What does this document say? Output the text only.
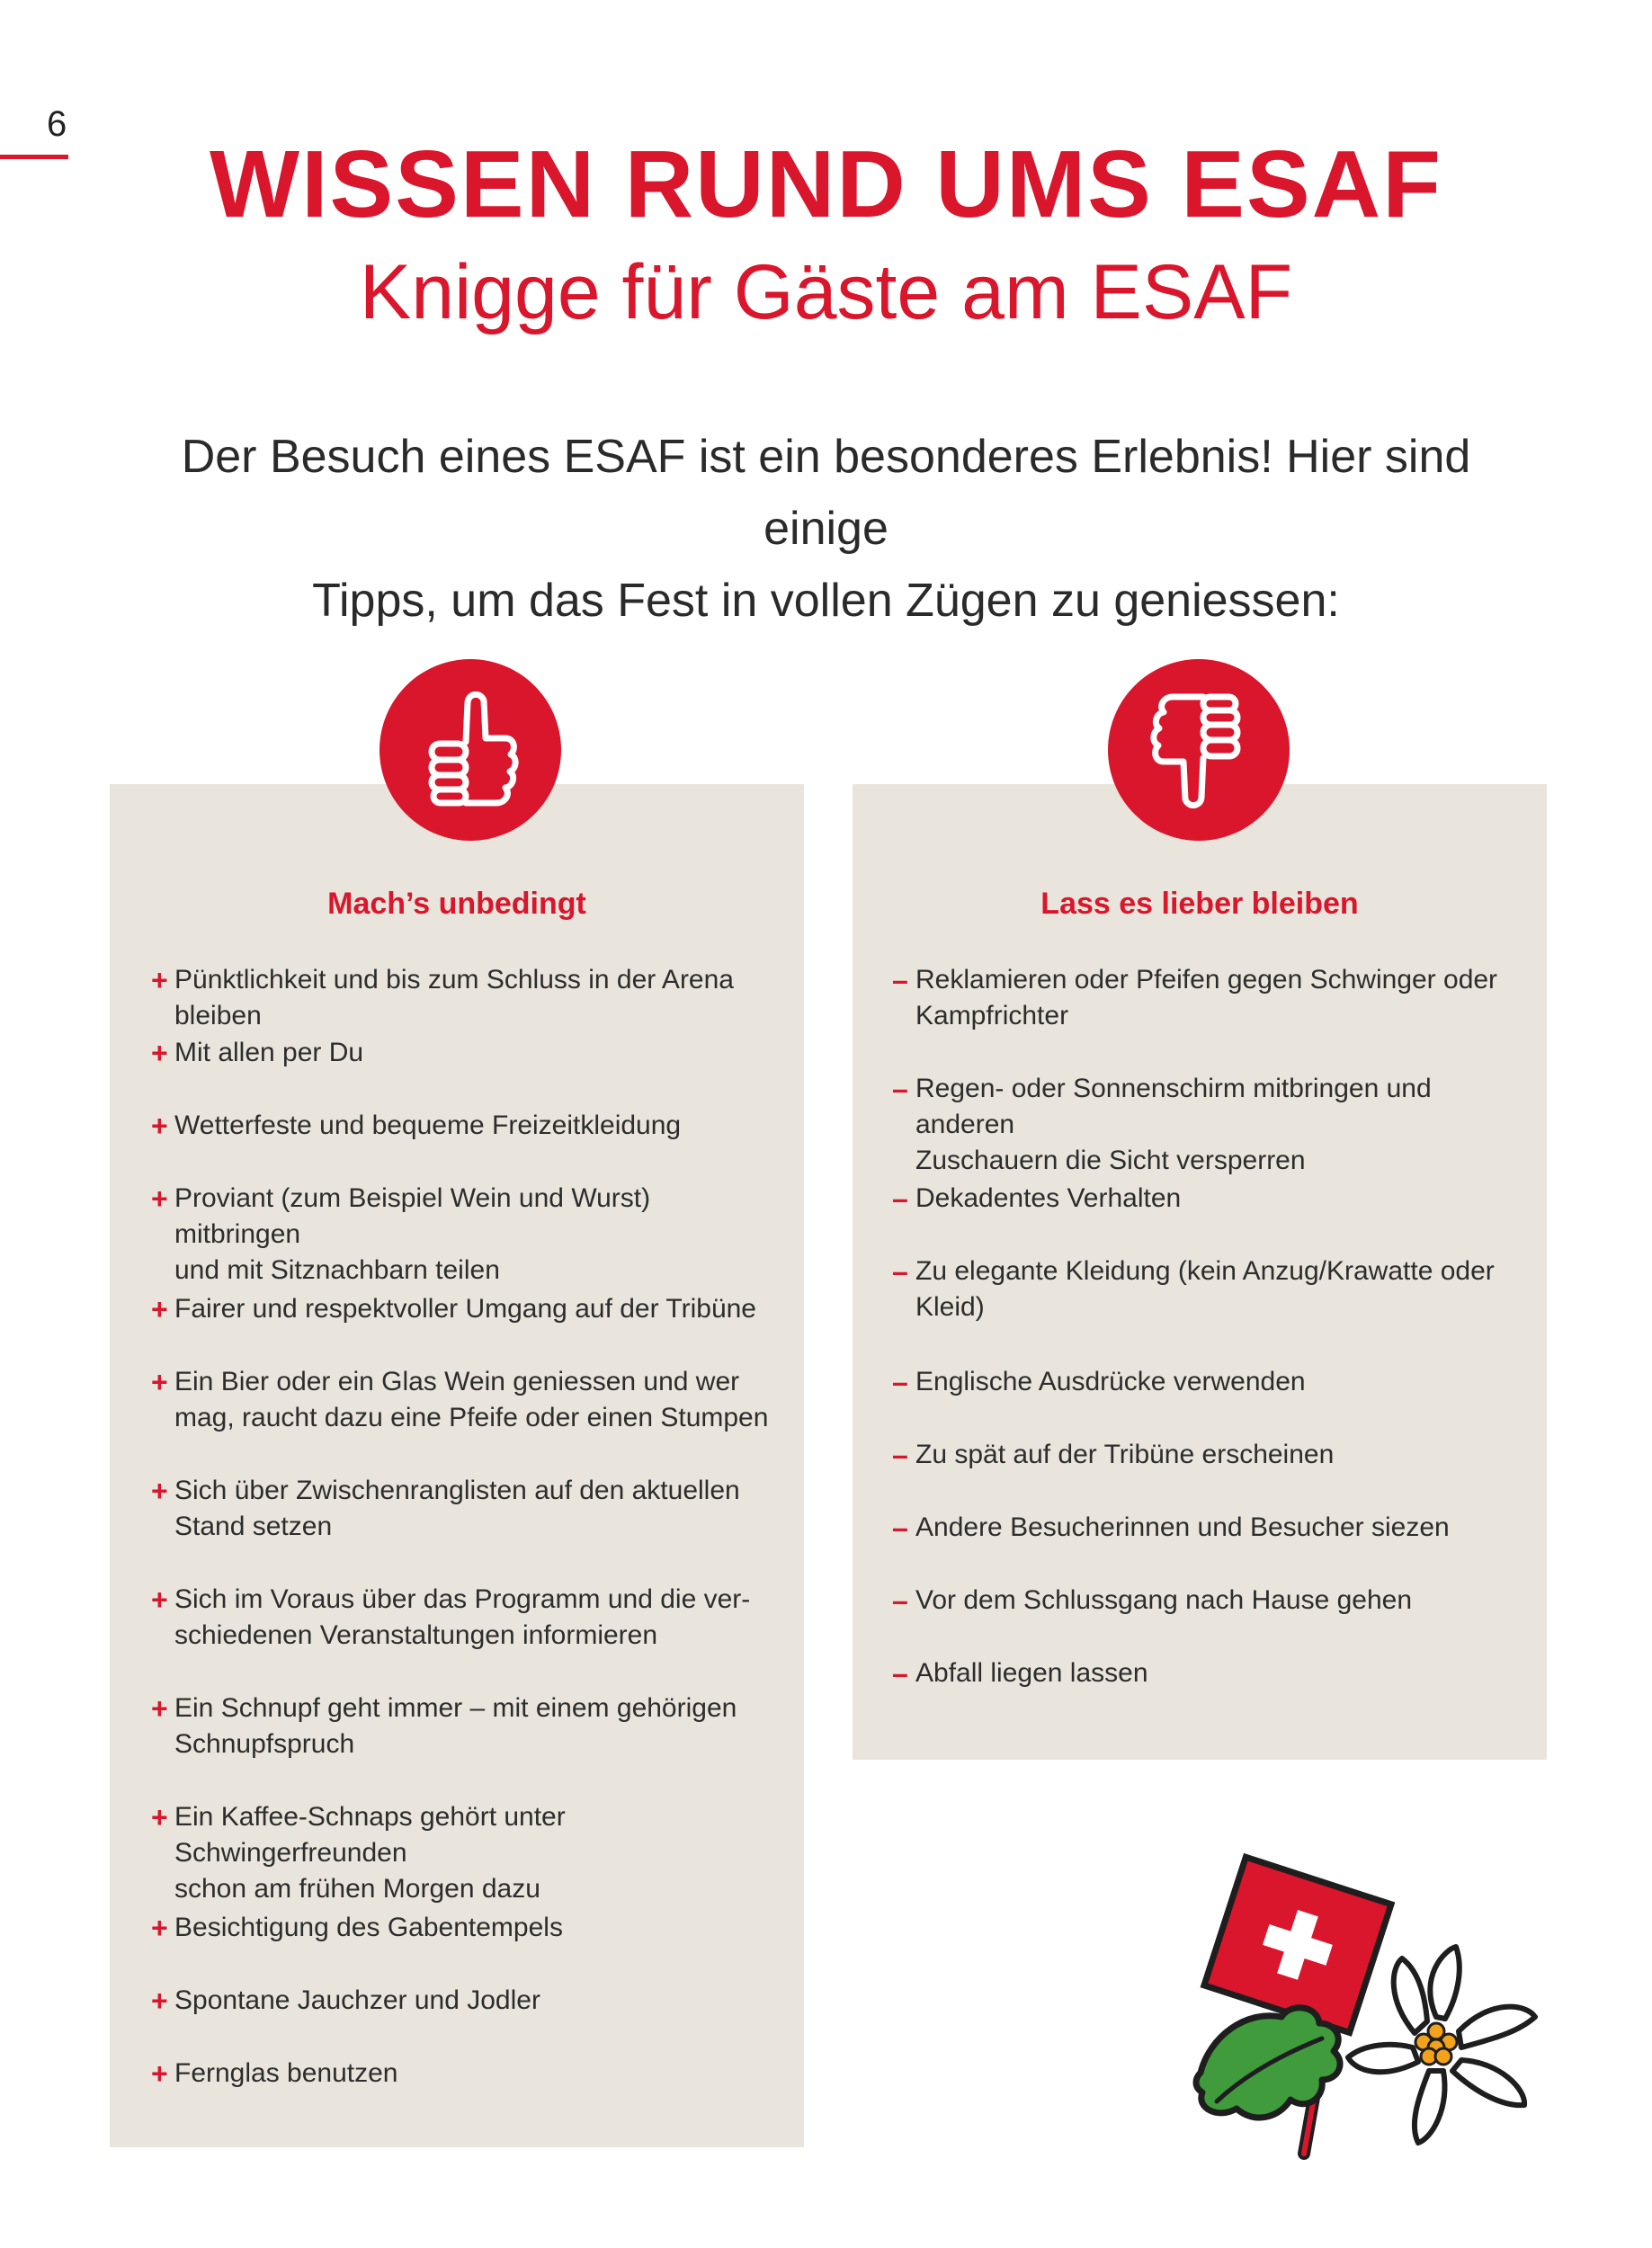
6
WISSEN RUND UMS ESAF
Knigge für Gäste am ESAF
Der Besuch eines ESAF ist ein besonderes Erlebnis! Hier sind einige
Tipps, um das Fest in vollen Zügen zu geniessen:
Mach’s unbedingt	Lass es lieber bleiben
+ Pünktlichkeit und bis zum Schluss in der Arena bleiben
+ Mit allen per Du
+ Wetterfeste und bequeme Freizeitkleidung
+ Proviant (zum Beispiel Wein und Wurst) mitbringen
und mit Sitznachbarn teilen
+ Fairer und respektvoller Umgang auf der Tribüne
+ Ein Bier oder ein Glas Wein geniessen und wer
mag, raucht dazu eine Pfeife oder einen Stumpen
+ Sich über Zwischenranglisten auf den aktuellen
Stand setzen
+ Sich im Voraus über das Programm und die ver-
schiedenen Veranstaltungen informieren
+ Ein Schnupf geht immer – mit einem gehörigen
Schnupfspruch
+ Ein Kaffee-Schnaps gehört unter Schwingerfreunden
schon am frühen Morgen dazu
+ Besichtigung des Gabentempels
+ Spontane Jauchzer und Jodler
+ Fernglas benutzen
– Reklamieren oder Pfeifen gegen Schwinger oder
Kampfrichter
– Regen- oder Sonnenschirm mitbringen und anderen
Zuschauern die Sicht versperren
– Dekadentes Verhalten
– Zu elegante Kleidung (kein Anzug/Krawatte oder
Kleid)
– Englische Ausdrücke verwenden
– Zu spät auf der Tribüne erscheinen
– Andere Besucherinnen und Besucher siezen
– Vor dem Schlussgang nach Hause gehen
– Abfall liegen lassen
